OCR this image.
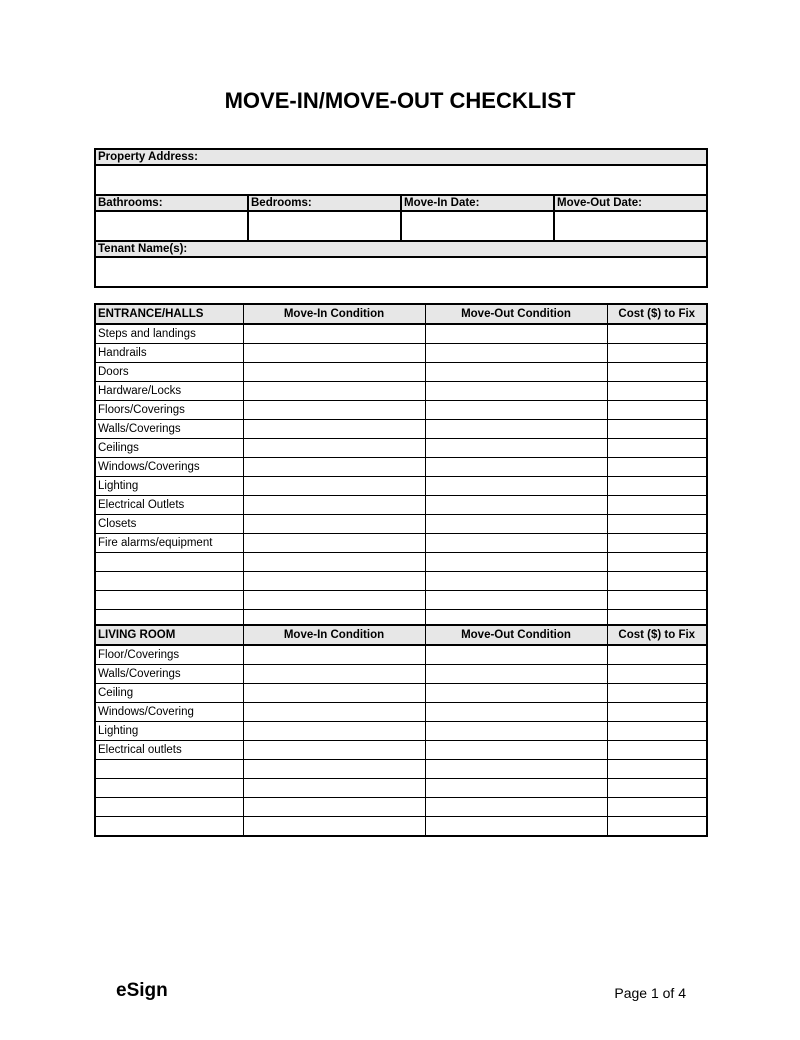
MOVE-IN/MOVE-OUT CHECKLIST
Property Address:			

Bathrooms:	Bedrooms:	Move-In Date:	Move-Out Date:

Tenant Name(s):			

ENTRANCE/HALLS	Move-In Condition	Move-Out Condition	Cost ($) to Fix
Steps and landings			
Handrails			
Doors			
Hardware/Locks			
Floors/Coverings			
Walls/Coverings			
Ceilings			
Windows/Coverings			
Lighting			
Electrical Outlets			
Closets			
Fire alarms/equipment			

LIVING ROOM	Move-In Condition	Move-Out Condition	Cost ($) to Fix
Floor/Coverings			
Walls/Coverings			
Ceiling			
Windows/Covering			
Lighting			
Electrical outlets			

eSign	Page 1 of 4
